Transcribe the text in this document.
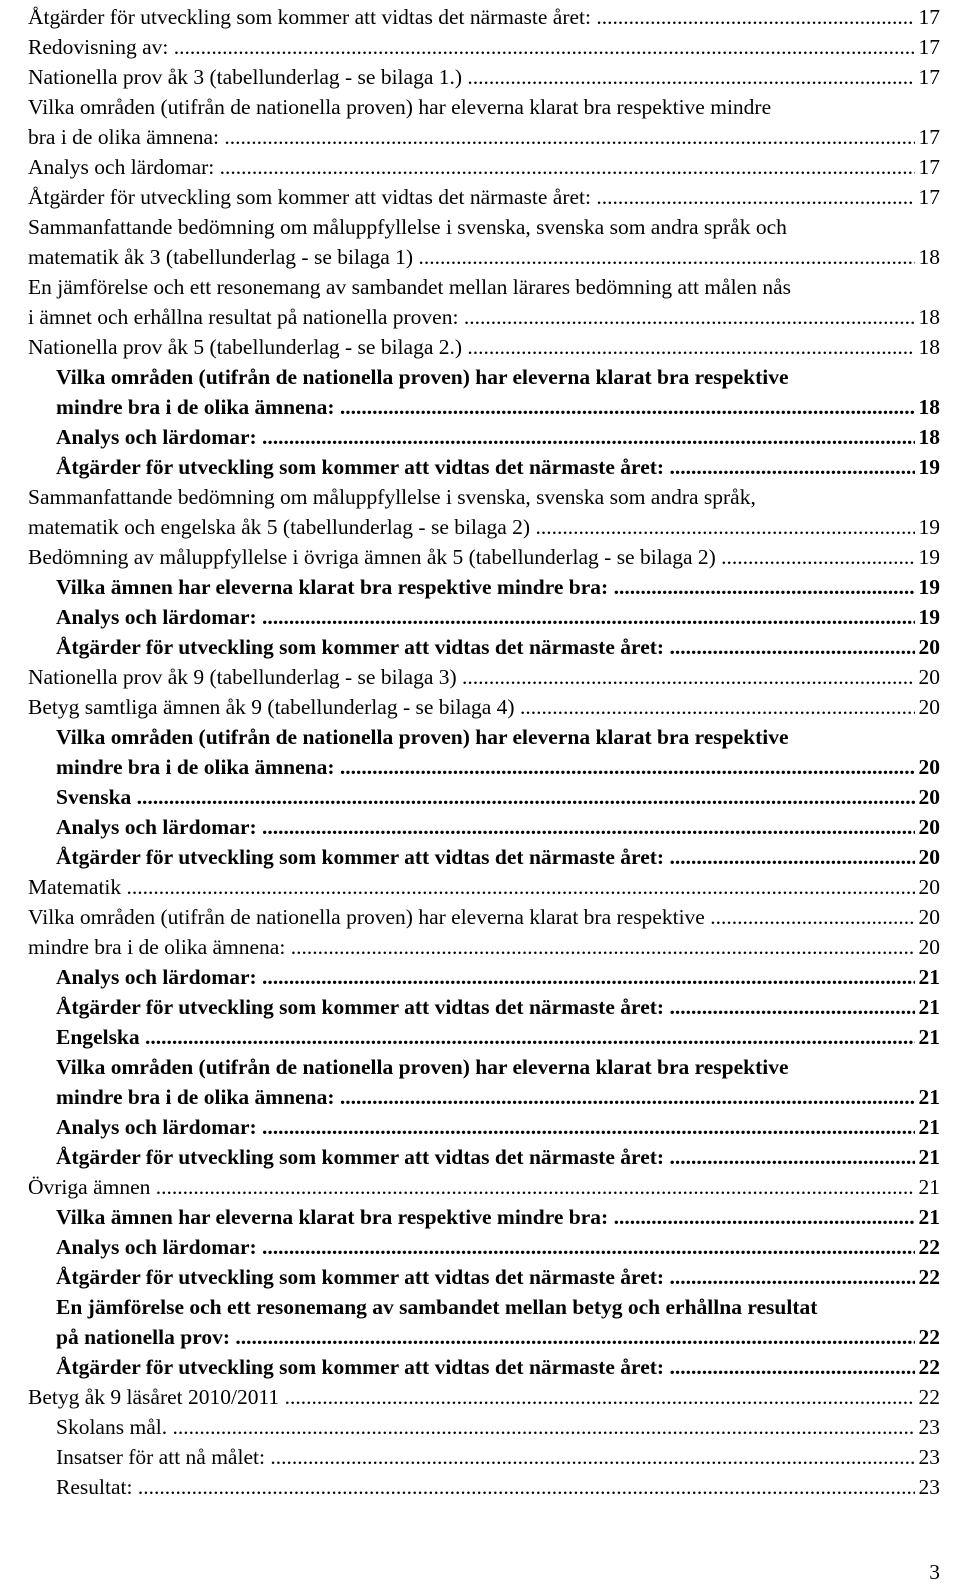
Åtgärder för utveckling som kommer att vidtas det närmaste året: .....	17
Redovisning av: .....	17
Nationella prov åk 3 (tabellunderlag - se bilaga 1.) .....	17
Vilka områden (utifrån de nationella proven) har eleverna klarat bra respektive mindre
bra i de olika ämnena: .....	17
Analys och lärdomar: .....	17
Åtgärder för utveckling som kommer att vidtas det närmaste året: .....	17
Sammanfattande bedömning om måluppfyllelse i svenska, svenska som andra språk och
matematik åk 3 (tabellunderlag - se bilaga 1) .....	18
En jämförelse och ett resonemang av sambandet mellan lärares bedömning att målen nås
i ämnet och erhållna resultat på nationella proven: .....	18
Nationella prov åk 5 (tabellunderlag - se bilaga 2.) .....	18
Vilka områden (utifrån de nationella proven) har eleverna klarat bra respektive
mindre bra i de olika ämnena: .....	18
Analys och lärdomar: .....	18
Åtgärder för utveckling som kommer att vidtas det närmaste året: .....	19
Sammanfattande bedömning om måluppfyllelse i svenska, svenska som andra språk,
matematik och engelska åk 5 (tabellunderlag - se bilaga 2) .....	19
Bedömning av måluppfyllelse i övriga ämnen åk 5 (tabellunderlag - se bilaga 2) .....	19
Vilka ämnen har eleverna klarat bra respektive mindre bra: .....	19
Analys och lärdomar: .....	19
Åtgärder för utveckling som kommer att vidtas det närmaste året: .....	20
Nationella prov åk 9 (tabellunderlag - se bilaga 3) .....	20
Betyg samtliga ämnen åk 9 (tabellunderlag - se bilaga 4) .....	20
Vilka områden (utifrån de nationella proven) har eleverna klarat bra respektive
mindre bra i de olika ämnena: .....	20
Svenska .....	20
Analys och lärdomar: .....	20
Åtgärder för utveckling som kommer att vidtas det närmaste året: .....	20
Matematik .....	20
Vilka områden (utifrån de nationella proven) har eleverna klarat bra respektive .....	20
mindre bra i de olika ämnena: .....	20
Analys och lärdomar: .....	21
Åtgärder för utveckling som kommer att vidtas det närmaste året: .....	21
Engelska .....	21
Vilka områden (utifrån de nationella proven) har eleverna klarat bra respektive
mindre bra i de olika ämnena: .....	21
Analys och lärdomar: .....	21
Åtgärder för utveckling som kommer att vidtas det närmaste året: .....	21
Övriga ämnen .....	21
Vilka ämnen har eleverna klarat bra respektive mindre bra: .....	21
Analys och lärdomar: .....	22
Åtgärder för utveckling som kommer att vidtas det närmaste året: .....	22
En jämförelse och ett resonemang av sambandet mellan betyg och erhållna resultat
på nationella prov: .....	22
Åtgärder för utveckling som kommer att vidtas det närmaste året: .....	22
Betyg åk 9 läsåret 2010/2011 .....	22
Skolans mål. .....	23
Insatser för att nå målet: .....	23
Resultat: .....	23
3
